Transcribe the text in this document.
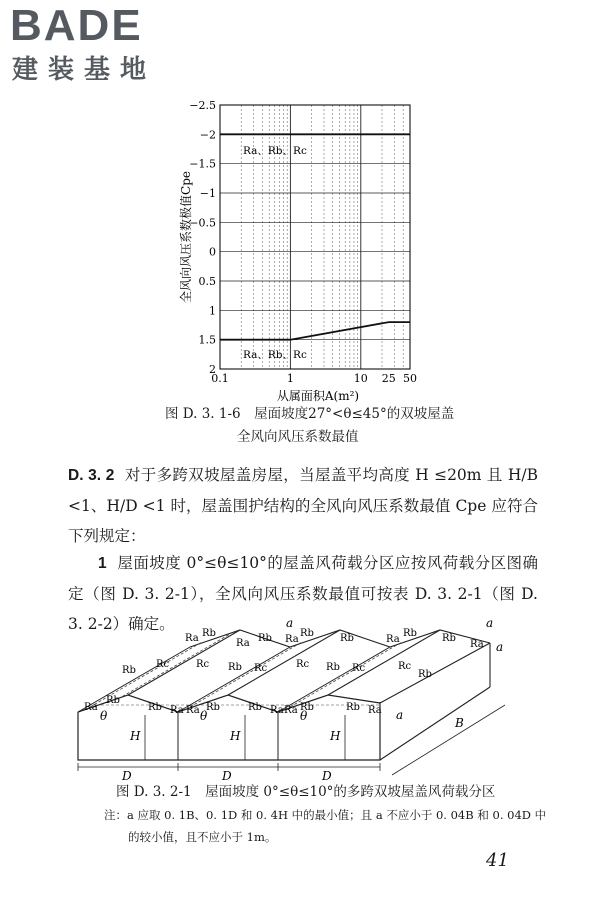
BADE
建装基地
−2.5
−2
−1.5
−1
−0.5
0
0.5
1
1.5
2
0.1	1	10 25 50
Ra、Rb、Rc
Ra、Rb、Rc
从属面积A(m²)
全风向风压系数极值Cpe
图 D. 3. 1-6　屋面坡度27°<θ≤45°的双坡屋盖
全风向风压系数最值
D. 3. 2 对于多跨双坡屋盖房屋，当屋盖平均高度 H ≤20m 且 H/B <1、H/D <1 时，屋盖围护结构的全风向风压系数最值 Cpe 应符合下列规定：
1 屋面坡度 0°≤θ≤10°的屋盖风荷载分区应按风荷载分区图确定（图 D. 3. 2-1），全风向风压系数最值可按表 D. 3. 2-1（图 D. 3. 2-2）确定。
Ra Rb
Ra Rb Ra
Rb	Rb	Ra
Rb	Rb
Ra
Rb
Rc	Rc Rb Rc	Rc Rb Rc	Rc
Rb
Ra
Rb
Rb Ra Ra Rb	Rb Ra Ra Rb	Rb Ra
a	a
a
a
θ	θ	θ
H	H	H
D	D	D
B
图 D. 3. 2-1　屋面坡度 0°≤θ≤10°的多跨双坡屋盖风荷载分区
注：a 应取 0. 1B、0. 1D 和 0. 4H 中的最小值；且 a 不应小于 0. 04B 和 0. 04D 中
的较小值，且不应小于 1m。
41
